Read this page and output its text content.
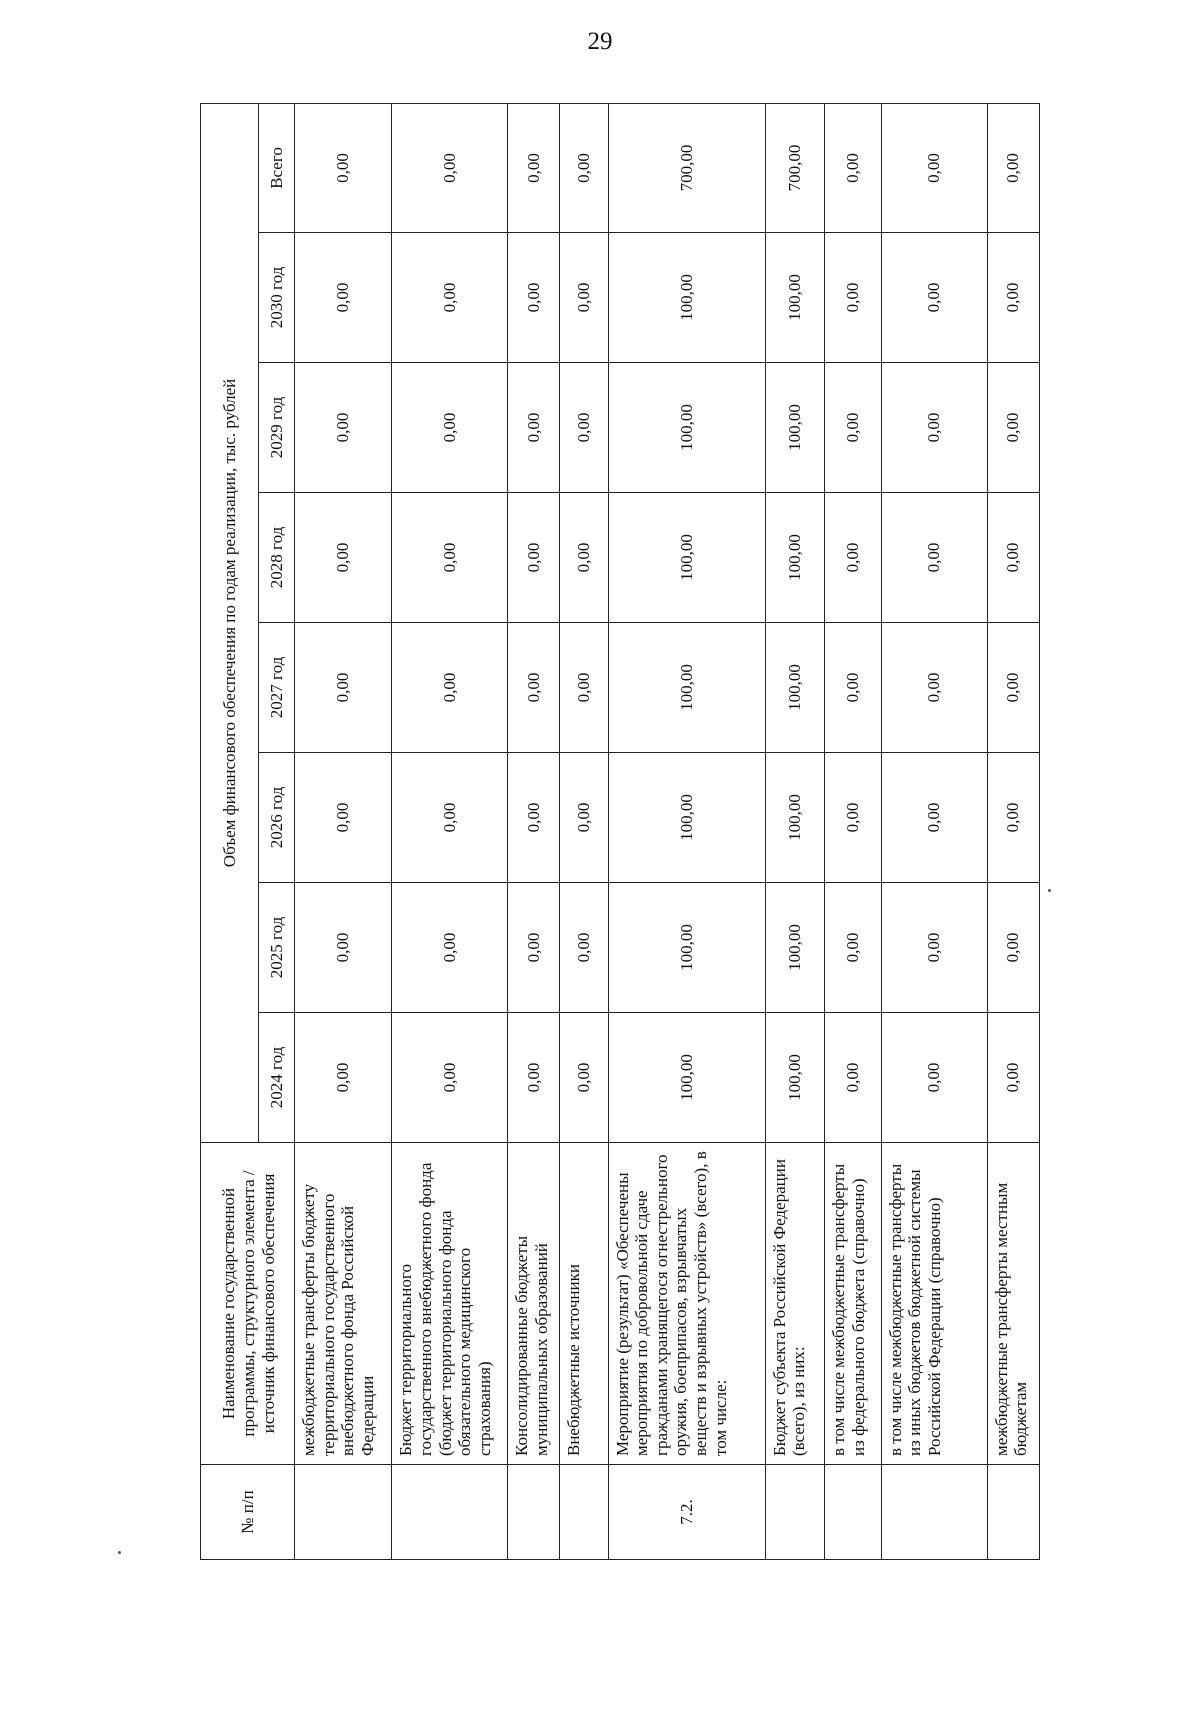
29
№ п/п	Наименование государственной программы, структурного элемента /	Объем финансового обеспечения по годам реализации, тыс. рублей							
	источник финансового обеспечения	2024 год	2025 год	2026 год	2027 год	2028 год	2029 год	2030 год	Всего
	межбюджетные трансферты бюджету территориального государственного внебюджетного фонда Российской Федерации	0,00	0,00	0,00	0,00	0,00	0,00	0,00	0,00
	Бюджет территориального государственного внебюджетного фонда (бюджет территориального фонда обязательного медицинского страхования)	0,00	0,00	0,00	0,00	0,00	0,00	0,00	0,00
	Консолидированные бюджеты муниципальных образований	0,00	0,00	0,00	0,00	0,00	0,00	0,00	0,00
	Внебюджетные источники	0,00	0,00	0,00	0,00	0,00	0,00	0,00	0,00
7.2.	Мероприятие (результат) «Обеспечены мероприятия по добровольной сдаче гражданами хранящегося огнестрельного оружия, боеприпасов, взрывчатых веществ и взрывных устройств» (всего), в том числе:	100,00	100,00	100,00	100,00	100,00	100,00	100,00	700,00
	Бюджет субъекта Российской Федерации (всего), из них:	100,00	100,00	100,00	100,00	100,00	100,00	100,00	700,00
	в том числе межбюджетные трансферты из федерального бюджета (справочно)	0,00	0,00	0,00	0,00	0,00	0,00	0,00	0,00
	в том числе межбюджетные трансферты из иных бюджетов бюджетной системы Российской Федерации (справочно)	0,00	0,00	0,00	0,00	0,00	0,00	0,00	0,00
	межбюджетные трансферты местным бюджетам	0,00	0,00	0,00	0,00	0,00	0,00	0,00	0,00
